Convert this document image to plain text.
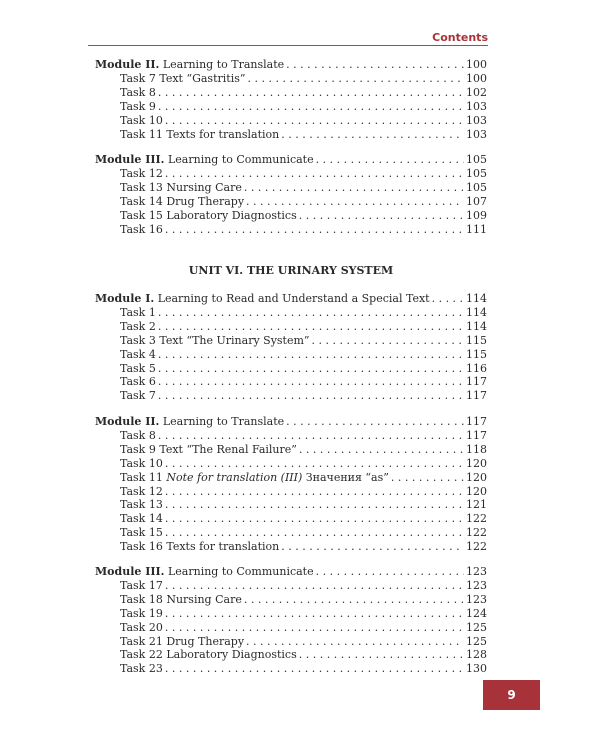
Contents
Module II. Learning to Translate . . .	100
Task 7 Text “Gastritis” . . .	100
Task 8 . . .	102
Task 9 . . .	103
Task 10 . . .	103
Task 11 Texts for translation . . .	103
Module III. Learning to Communicate . . .	105
Task 12 . . .	105
Task 13 Nursing Care . . .	105
Task 14 Drug Therapy . . .	107
Task 15 Laboratory Diagnostics . . .	109
Task 16 . . .	111
Module I. Learning to Read and Understand a Special Text . . .	114
Task 1 . . .	114
Task 2 . . .	114
Task 3 Text “The Urinary System” . . .	115
Task 4 . . .	115
Task 5 . . .	116
Task 6 . . .	117
Task 7 . . .	117
Module II. Learning to Translate . . .	117
Task 8 . . .	117
Task 9 Text “The Renal Failure” . . .	118
Task 10 . . .	120
Task 11 Note for translation (III) Значения “as” . . .	120
Task 12 . . .	120
Task 13 . . .	121
Task 14 . . .	122
Task 15 . . .	122
Task 16 Texts for translation . . .	122
Module III. Learning to Communicate . . .	123
Task 17 . . .	123
Task 18 Nursing Care . . .	123
Task 19 . . .	124
Task 20 . . .	125
Task 21 Drug Therapy . . .	125
Task 22 Laboratory Diagnostics . . .	128
Task 23 . . .	130
UNIT VI. THE URINARY SYSTEM
9
